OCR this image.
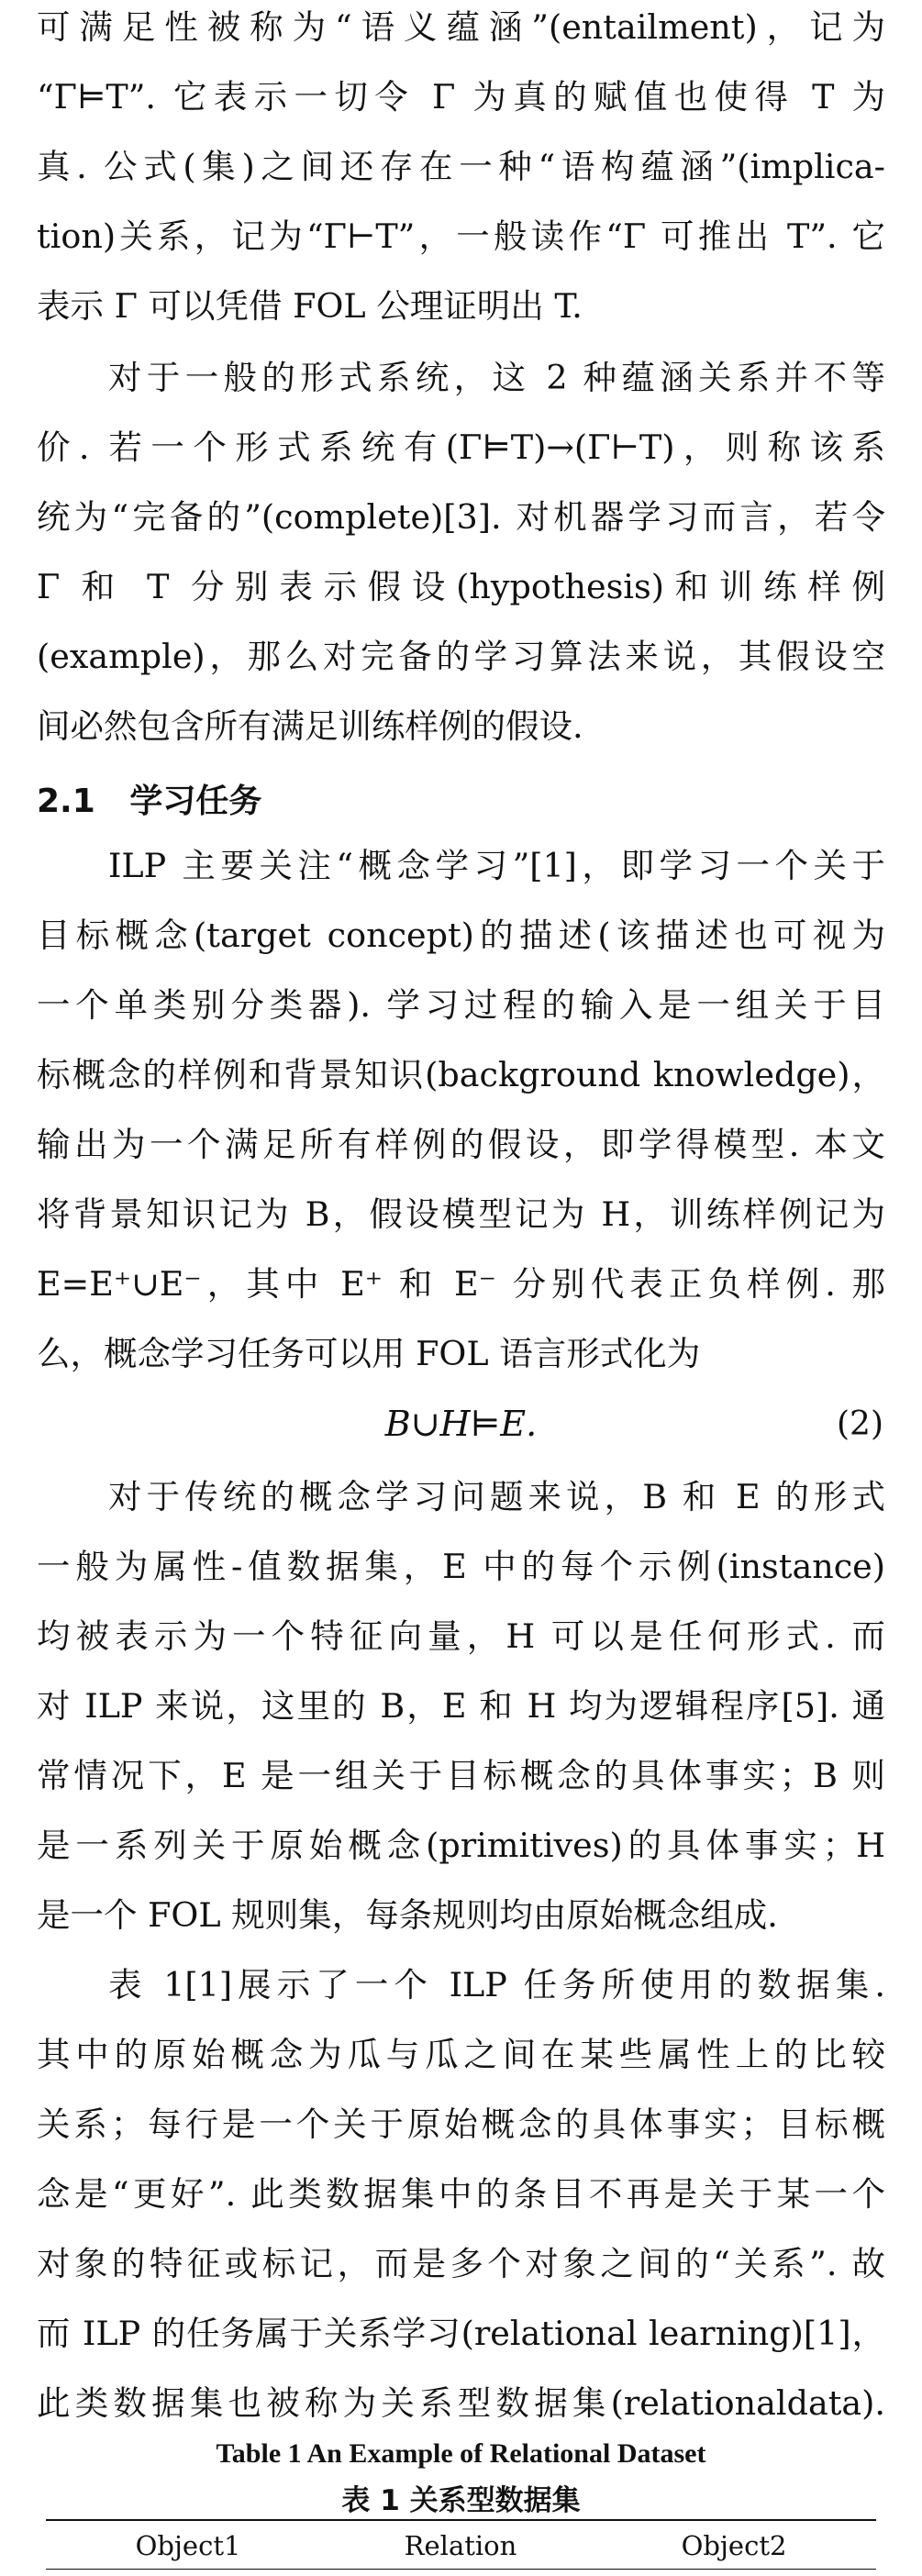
可满足性被称为“语义蕴涵”(entailment)，记为
“Γ⊨T”. 它表示一切令 Γ 为真的赋值也使得 T 为
真. 公式(集)之间还存在一种“语构蕴涵”(implica-
tion)关系，记为“Γ⊢T”，一般读作“Γ 可推出 T”. 它
表示 Γ 可以凭借 FOL 公理证明出 T.
对于一般的形式系统，这 2 种蕴涵关系并不等
价. 若一个形式系统有(Γ⊨T)→(Γ⊢T)，则称该系
统为“完备的”(complete)[3]. 对机器学习而言，若令
Γ 和 T 分别表示假设(hypothesis)和训练样例
(example)，那么对完备的学习算法来说，其假设空
间必然包含所有满足训练样例的假设.
2.1 学习任务
ILP 主要关注“概念学习”[1]，即学习一个关于
目标概念(target concept)的描述(该描述也可视为
一个单类别分类器). 学习过程的输入是一组关于目
标概念的样例和背景知识(background knowledge)，
输出为一个满足所有样例的假设，即学得模型. 本文
将背景知识记为 B，假设模型记为 H，训练样例记为
E=E⁺∪E⁻，其中 E⁺ 和 E⁻ 分别代表正负样例. 那
么，概念学习任务可以用 FOL 语言形式化为
B∪H⊨E.	(2)
对于传统的概念学习问题来说，B 和 E 的形式
一般为属性-值数据集，E 中的每个示例(instance)
均被表示为一个特征向量，H 可以是任何形式. 而
对 ILP 来说，这里的 B，E 和 H 均为逻辑程序[5]. 通
常情况下，E 是一组关于目标概念的具体事实；B 则
是一系列关于原始概念(primitives)的具体事实；H
是一个 FOL 规则集，每条规则均由原始概念组成.
表 1[1]展示了一个 ILP 任务所使用的数据集.
其中的原始概念为瓜与瓜之间在某些属性上的比较
关系；每行是一个关于原始概念的具体事实；目标概
念是“更好”. 此类数据集中的条目不再是关于某一个
对象的特征或标记，而是多个对象之间的“关系”. 故
而 ILP 的任务属于关系学习(relational learning)[1]，
此类数据集也被称为关系型数据集(relationaldata).
Table 1 An Example of Relational Dataset
表 1 关系型数据集
Object1	Relation	Object2
